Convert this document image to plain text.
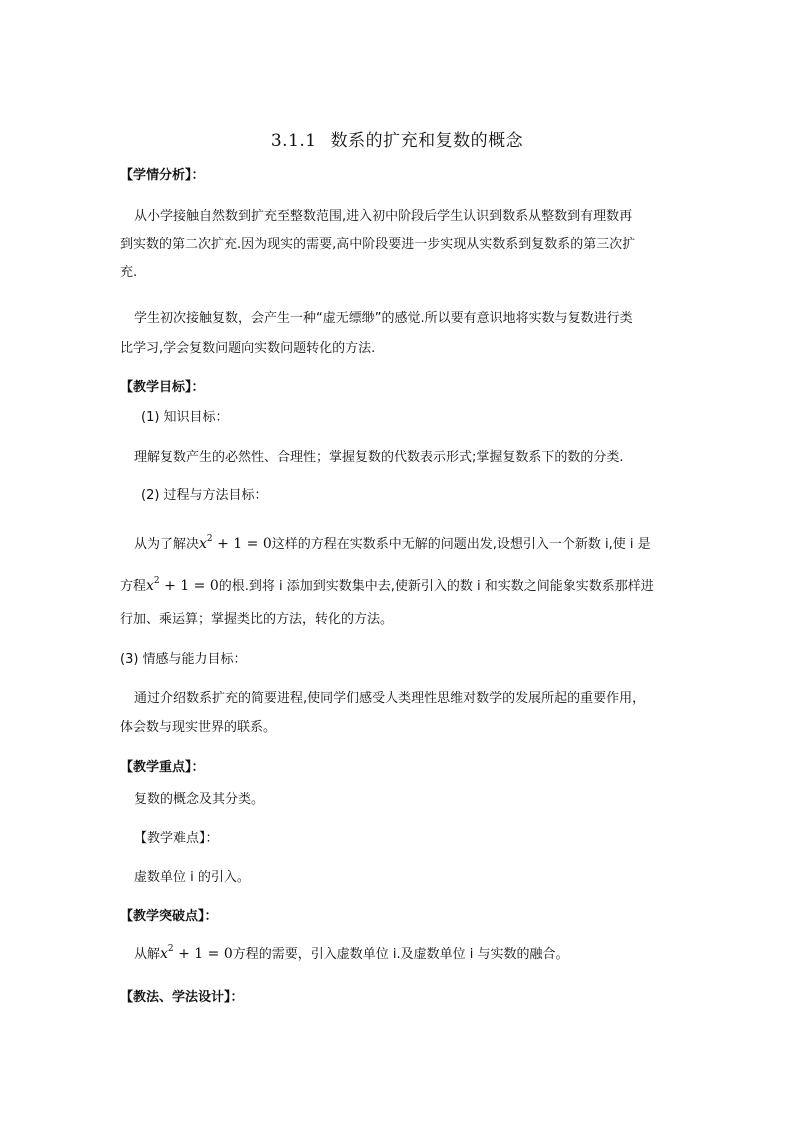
3.1.1 数系的扩充和复数的概念
【学情分析】：
从小学接触自然数到扩充至整数范围,进入初中阶段后学生认识到数系从整数到有理数再
到实数的第二次扩充.因为现实的需要,高中阶段要进一步实现从实数系到复数系的第三次扩
充.
学生初次接触复数，会产生一种“虚无缥缈”的感觉.所以要有意识地将实数与复数进行类
比学习,学会复数问题向实数问题转化的方法.
【教学目标】：
(1) 知识目标：
理解复数产生的必然性、合理性；掌握复数的代数表示形式;掌握复数系下的数的分类.
(2) 过程与方法目标：
从为了解决$x^2 + 1 = 0$这样的方程在实数系中无解的问题出发,设想引入一个新数 i,使 i 是
方程$x^2 + 1 = 0$的根.到将 i 添加到实数集中去,使新引入的数 i 和实数之间能象实数系那样进
行加、乘运算；掌握类比的方法，转化的方法。
(3) 情感与能力目标：
通过介绍数系扩充的简要进程,使同学们感受人类理性思维对数学的发展所起的重要作用，
体会数与现实世界的联系。
【教学重点】：
复数的概念及其分类。
【教学难点】：
虚数单位 i 的引入。
【教学突破点】：
从解$x^2 + 1 = 0$方程的需要，引入虚数单位 i.及虚数单位 i 与实数的融合。
【教法、学法设计】：
